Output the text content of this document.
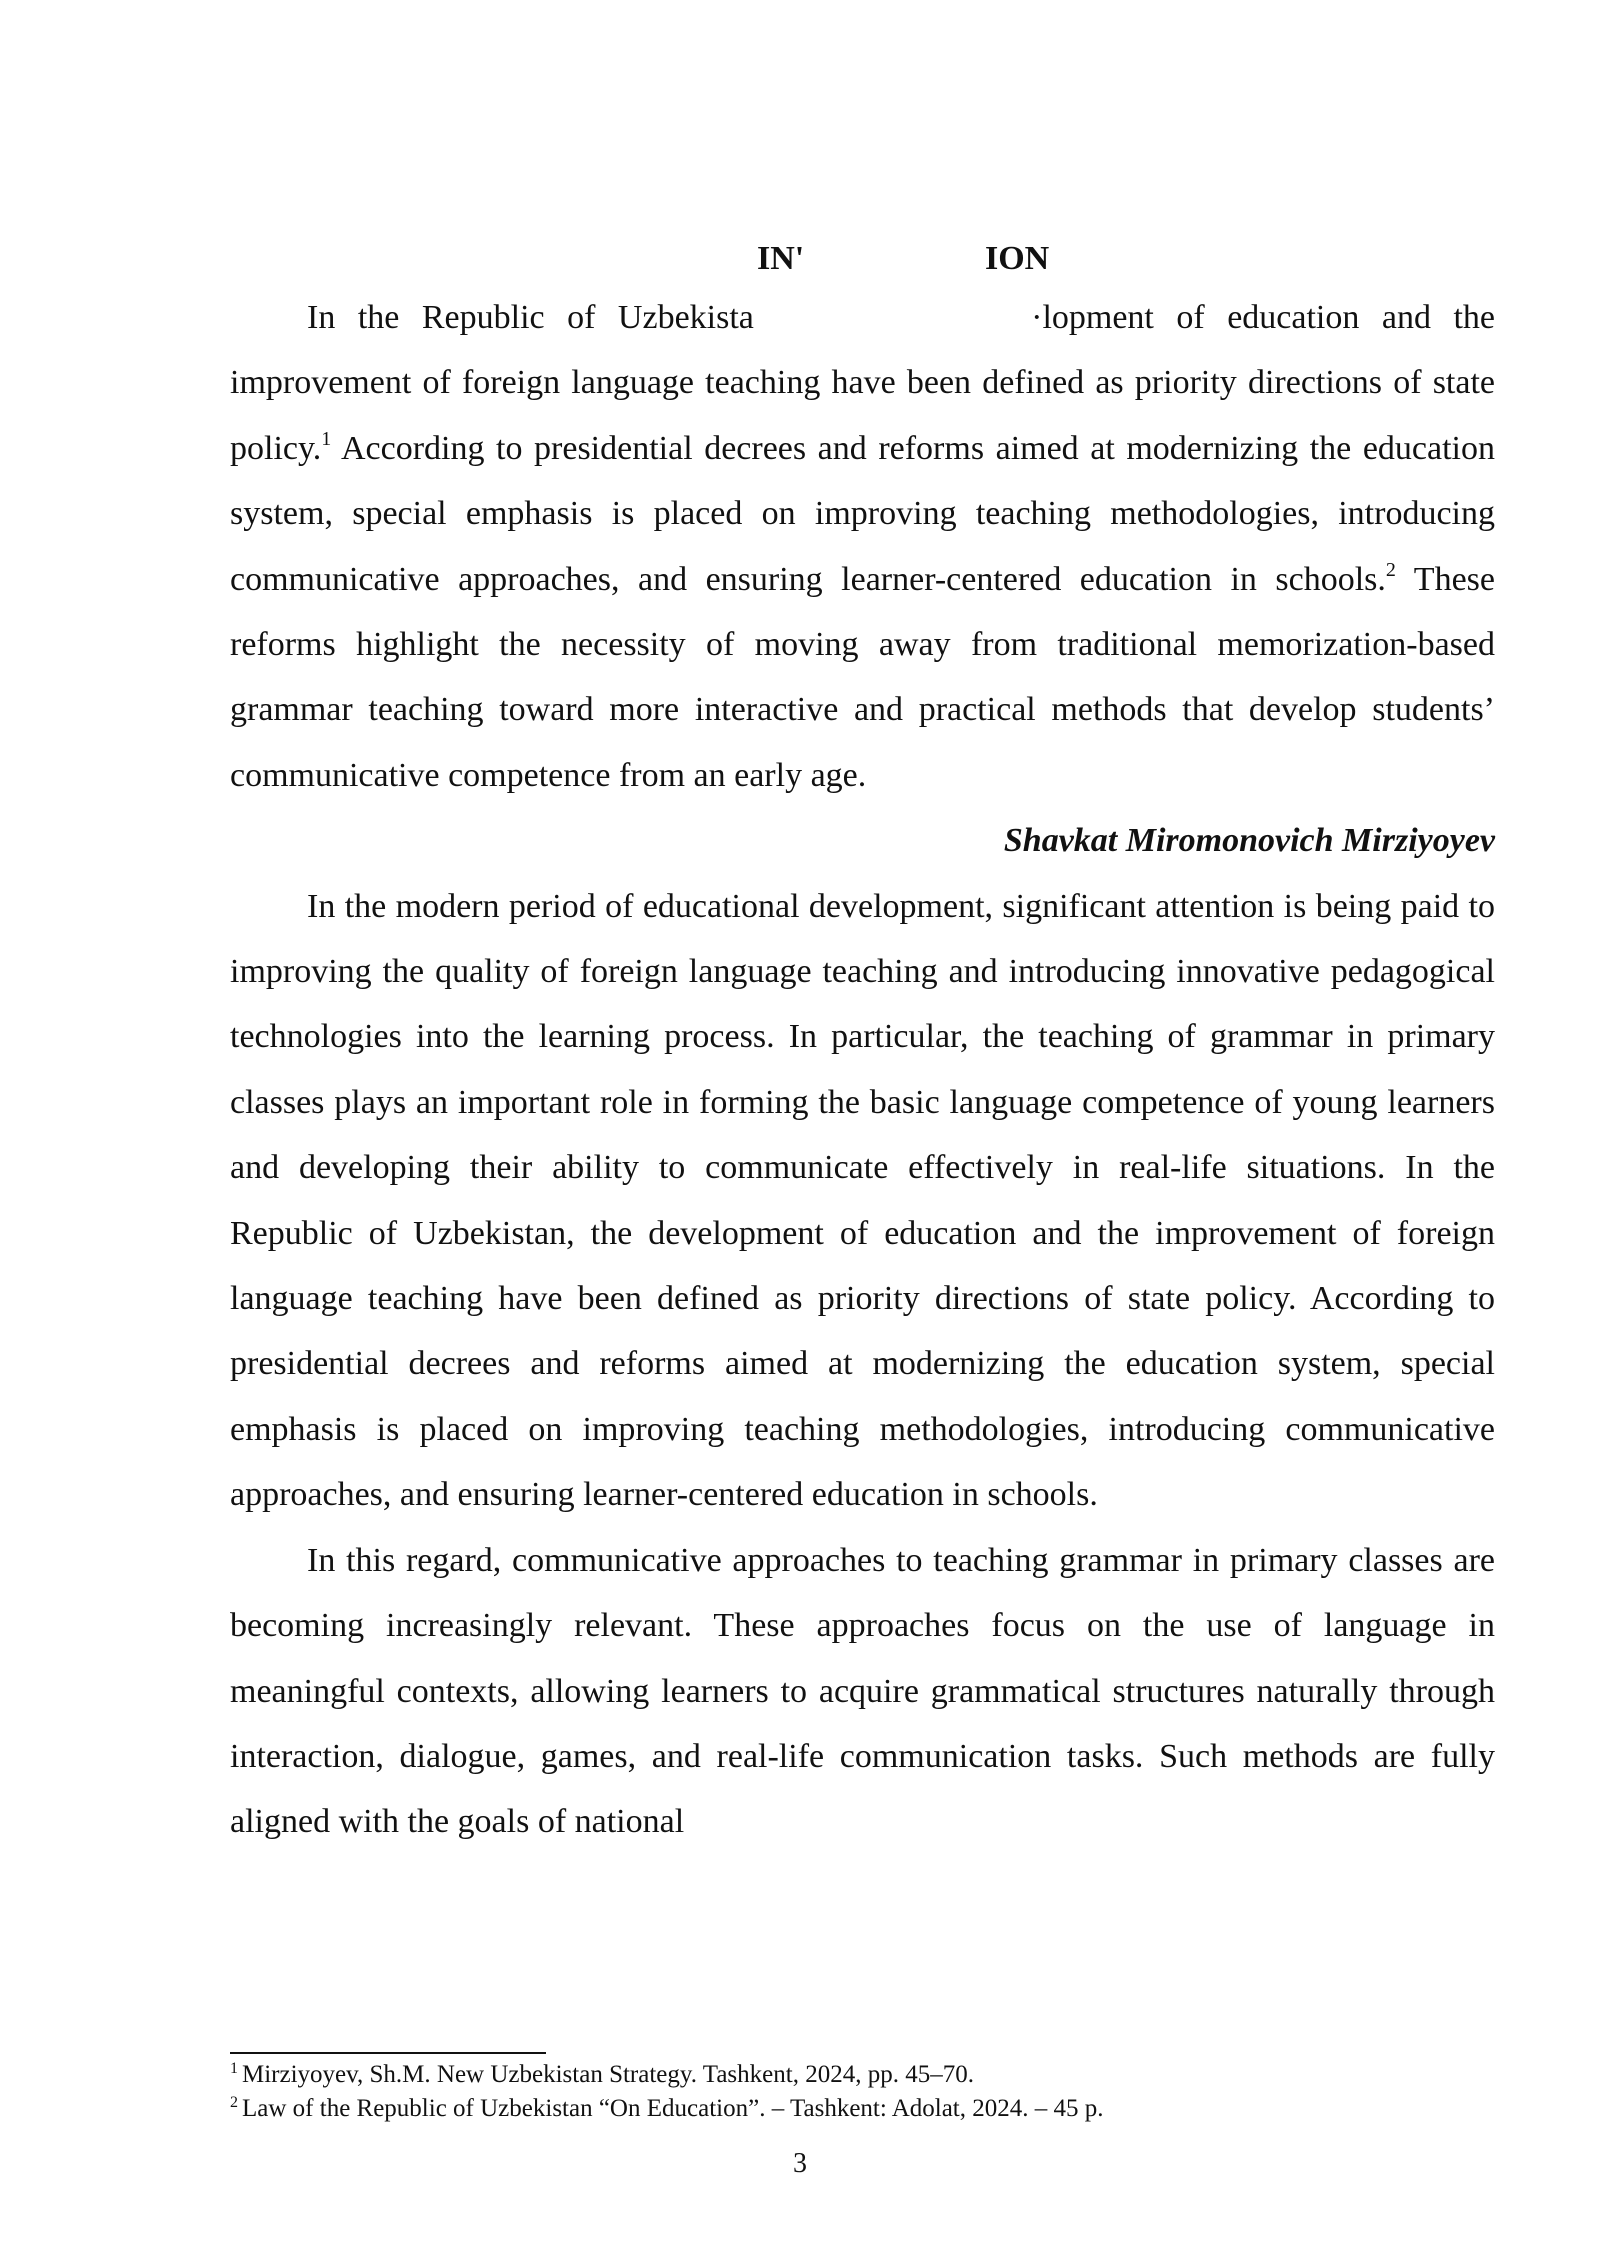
IN'	ION
In the Republic of Uzbekista	·lopment of education and the

improvement of foreign language teaching have been defined as priority directions of state policy.$^1$ According to presidential decrees and reforms aimed at modernizing the education system, special emphasis is placed on improving teaching methodologies, introducing communicative approaches, and ensuring learner-centered education in schools.$^2$ These reforms highlight the necessity of moving away from traditional memorization-based grammar teaching toward more interactive and practical methods that develop students’ communicative competence from an early age.

Shavkat Miromonovich Mirziyoyev

In the modern period of educational development, significant attention is being paid to improving the quality of foreign language teaching and introducing innovative pedagogical technologies into the learning process. In particular, the teaching of grammar in primary classes plays an important role in forming the basic language competence of young learners and developing their ability to communicate effectively in real-life situations. In the Republic of Uzbekistan, the development of education and the improvement of foreign language teaching have been defined as priority directions of state policy. According to presidential decrees and reforms aimed at modernizing the education system, special emphasis is placed on improving teaching methodologies, introducing communicative approaches, and ensuring learner-centered education in schools.

In this regard, communicative approaches to teaching grammar in primary classes are becoming increasingly relevant. These approaches focus on the use of language in meaningful contexts, allowing learners to acquire grammatical structures naturally through interaction, dialogue, games, and real-life communication tasks. Such methods are fully aligned with the goals of national

$^1$ Mirziyoyev, Sh.M. New Uzbekistan Strategy. Tashkent, 2024, pp. 45–70.

$^2$ Law of the Republic of Uzbekistan “On Education”. – Tashkent: Adolat, 2024. – 45 p.

3
